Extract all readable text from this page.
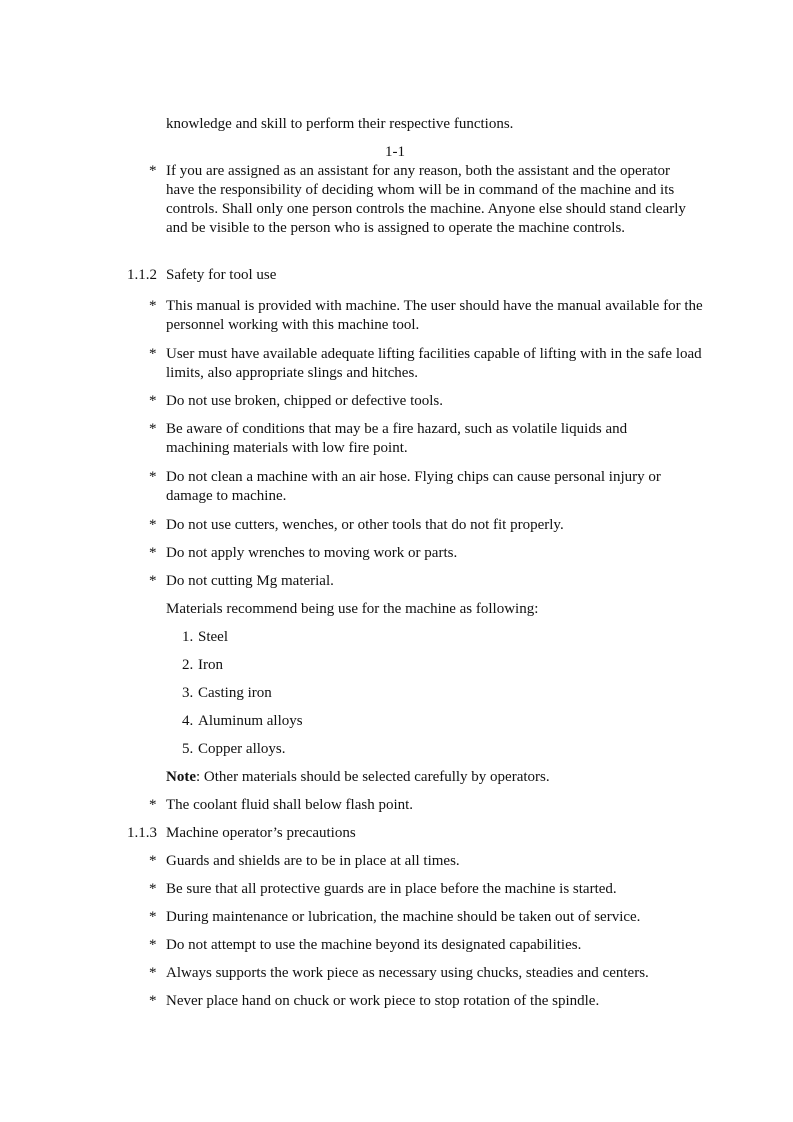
knowledge and skill to perform their respective functions.
1-1
* If you are assigned as an assistant for any reason, both the assistant and the operator have the responsibility of deciding whom will be in command of the machine and its controls. Shall only one person controls the machine. Anyone else should stand clearly and be visible to the person who is assigned to operate the machine controls.
1.1.2 Safety for tool use
* This manual is provided with machine. The user should have the manual available for the personnel working with this machine tool.
* User must have available adequate lifting facilities capable of lifting with in the safe load limits, also appropriate slings and hitches.
* Do not use broken, chipped or defective tools.
* Be aware of conditions that may be a fire hazard, such as volatile liquids and machining materials with low fire point.
* Do not clean a machine with an air hose. Flying chips can cause personal injury or damage to machine.
* Do not use cutters, wenches, or other tools that do not fit properly.
* Do not apply wrenches to moving work or parts.
* Do not cutting Mg material.
Materials recommend being use for the machine as following:
1. Steel
2. Iron
3. Casting iron
4. Aluminum alloys
5. Copper alloys.
Note: Other materials should be selected carefully by operators.
* The coolant fluid shall below flash point.
1.1.3 Machine operator’s precautions
* Guards and shields are to be in place at all times.
* Be sure that all protective guards are in place before the machine is started.
* During maintenance or lubrication, the machine should be taken out of service.
* Do not attempt to use the machine beyond its designated capabilities.
* Always supports the work piece as necessary using chucks, steadies and centers.
* Never place hand on chuck or work piece to stop rotation of the spindle.
